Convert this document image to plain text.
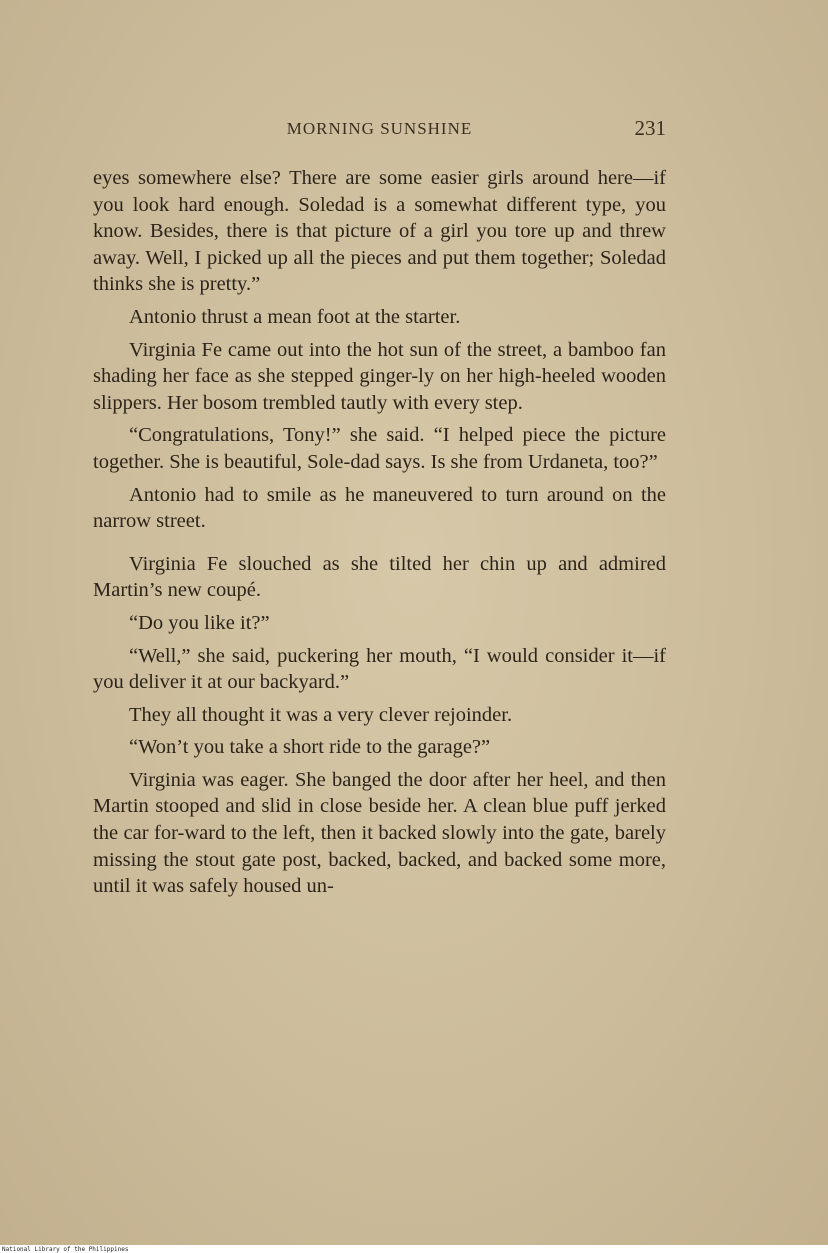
MORNING SUNSHINE	231

eyes somewhere else? There are some easier girls around here—if you look hard enough. Soledad is a somewhat different type, you know. Besides, there is that picture of a girl you tore up and threw away. Well, I picked up all the pieces and put them together; Soledad thinks she is pretty.”

Antonio thrust a mean foot at the starter.

Virginia Fe came out into the hot sun of the street, a bamboo fan shading her face as she stepped ginger-ly on her high-heeled wooden slippers. Her bosom trembled tautly with every step.

“Congratulations, Tony!” she said. “I helped piece the picture together. She is beautiful, Sole-dad says. Is she from Urdaneta, too?”

Antonio had to smile as he maneuvered to turn around on the narrow street.

Virginia Fe slouched as she tilted her chin up and admired Martin’s new coupé.

“Do you like it?”

“Well,” she said, puckering her mouth, “I would consider it—if you deliver it at our backyard.”

They all thought it was a very clever rejoinder.

“Won’t you take a short ride to the garage?”

Virginia was eager. She banged the door after her heel, and then Martin stooped and slid in close beside her. A clean blue puff jerked the car for-ward to the left, then it backed slowly into the gate, barely missing the stout gate post, backed, backed, and backed some more, until it was safely housed un-

National Library of the Philippines
